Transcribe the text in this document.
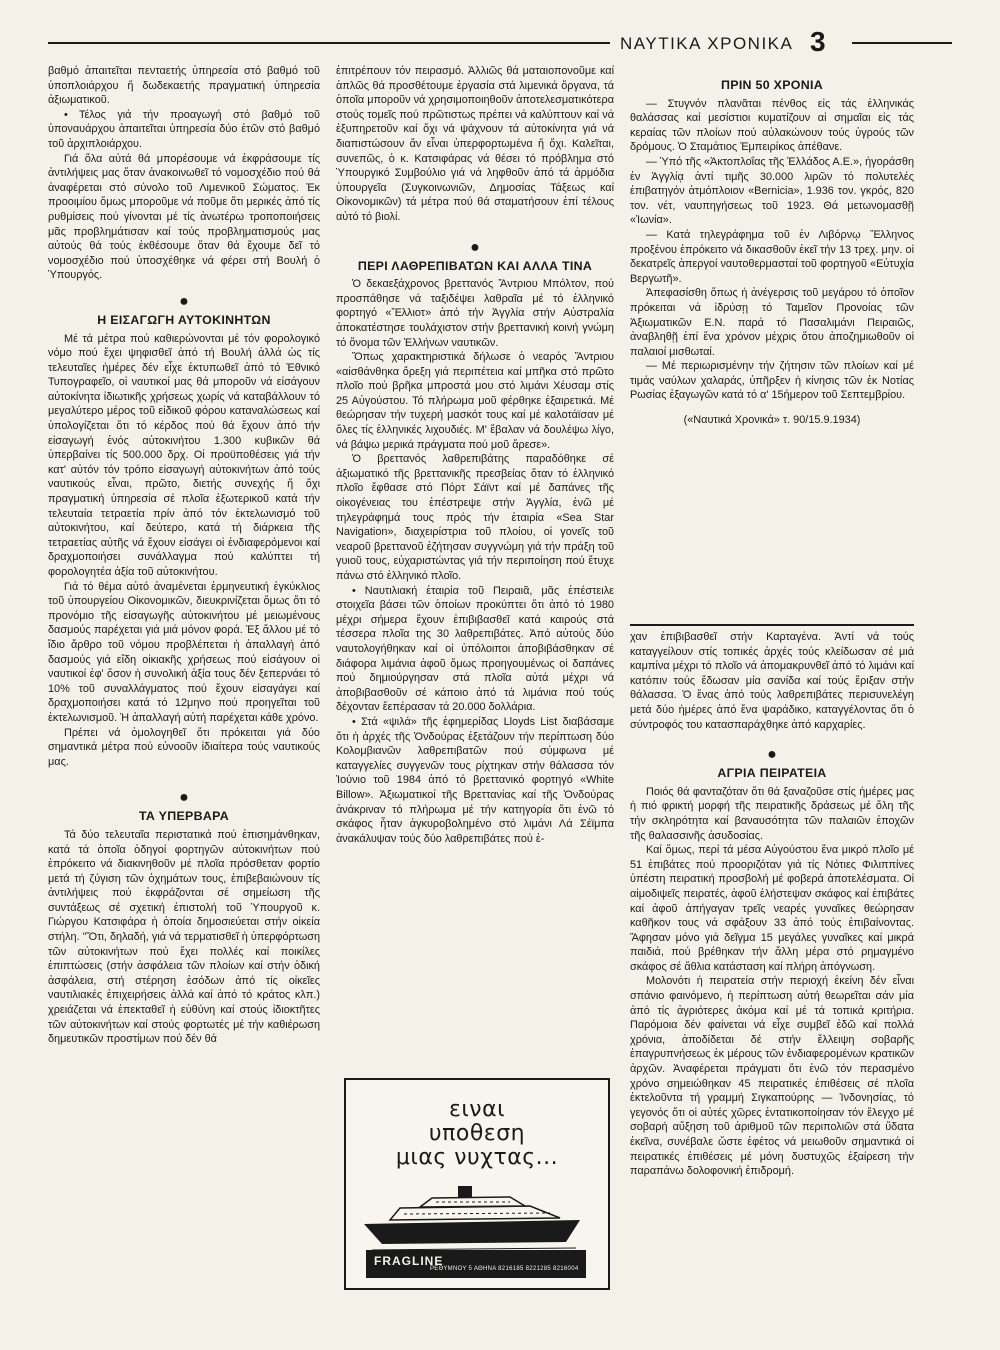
ΝΑΥΤΙΚΑ ΧΡΟΝΙΚΑ 3

βαθμό ἀπαιτεῖται πενταετής ὑπηρεσία στό βαθμό τοῦ ὑποπλοιάρχου ἤ δωδεκαετής πραγματική ὑπηρεσία ἀξιωματικοῦ.

• Τέλος γιά τήν προαγωγή στό βαθμό τοῦ ὑποναυάρχου ἀπαιτεῖται ὑπηρεσία δύο ἐτῶν στό βαθμό τοῦ ἀρχιπλοιάρχου.

Γιά ὅλα αὐτά θά μπορέσουμε νά ἐκφράσουμε τίς ἀντιλήψεις μας ὅταν ἀνακοινωθεῖ τό νομοσχέδιο πού θά ἀναφέρεται στό σύνολο τοῦ Λιμενικοῦ Σώματος. Ἐκ προοιμίου ὅμως μποροῦμε νά ποῦμε ὅτι μερικές ἀπό τίς ρυθμίσεις πού γίνονται μέ τίς ἀνωτέρω τροποποιήσεις μᾶς προβλημάτισαν καί τούς προβληματισμούς μας αὐτούς θά τούς ἐκθέσουμε ὅταν θά ἔχουμε δεῖ τό νομοσχέδιο πού ὑποσχέθηκε νά φέρει στή Βουλή ὁ Ὑπουργός.

●
Η ΕΙΣΑΓΩΓΗ ΑΥΤΟΚΙΝΗΤΩΝ

Μέ τά μέτρα πού καθιερώνονται μέ τόν φορολογικό νόμο πού ἔχει ψηφισθεῖ ἀπό τή Βουλή ἀλλά ὡς τίς τελευταῖες ἡμέρες δέν εἶχε ἐκτυπωθεῖ ἀπό τό Ἐθνικό Τυπογραφεῖο, οἱ ναυτικοί μας θά μποροῦν νά εἰσάγουν αὐτοκίνητα ἰδιωτικῆς χρήσεως χωρίς νά καταβάλλουν τό μεγαλύτερο μέρος τοῦ εἰδικοῦ φόρου καταναλώσεως καί ὑπολογίζεται ὅτι τό κέρδος πού θά ἔχουν ἀπό τήν εἰσαγωγή ἑνός αὐτοκινήτου 1.300 κυβικῶν θά ὑπερβαίνει τίς 500.000 δρχ. Οἱ προϋποθέσεις γιά τήν κατ' αὐτόν τόν τρόπο εἰσαγωγή αὐτοκινήτων ἀπό τούς ναυτικούς εἶναι, πρῶτο, διετής συνεχής ἤ ὄχι πραγματική ὑπηρεσία σέ πλοῖα ἐξωτερικοῦ κατά τήν τελευταία τετραετία πρίν ἀπό τόν ἐκτελωνισμό τοῦ αὐτοκινήτου, καί δεύτερο, κατά τή διάρκεια τῆς τετραετίας αὐτῆς νά ἔχουν εἰσάγει οἱ ἐνδιαφερόμενοι καί δραχμοποιήσει συνάλλαγμα πού καλύπτει τή φορολογητέα ἀξία τοῦ αὐτοκινήτου.

Γιά τό θέμα αὐτό ἀναμένεται ἑρμηνευτική ἐγκύκλιος τοῦ ὑπουργείου Οἰκονομικῶν, διευκρινίζεται ὅμως ὅτι τό προνόμιο τῆς εἰσαγωγῆς αὐτοκινήτου μέ μειωμένους δασμούς παρέχεται γιά μιά μόνον φορά. Ἐξ ἄλλου μέ τό ἴδιο ἄρθρο τοῦ νόμου προβλέπεται ἡ ἀπαλλαγή ἀπό δασμούς γιά εἴδη οἰκιακῆς χρήσεως πού εἰσάγουν οἱ ναυτικοί ἐφ' ὅσον ἡ συνολική ἀξία τους δέν ξεπερνάει τό 10% τοῦ συναλλάγματος πού ἔχουν εἰσαγάγει καί δραχμοποιήσει κατά τό 12μηνο πού προηγεῖται τοῦ ἐκτελωνισμοῦ. Ἡ ἀπαλλαγή αὐτή παρέχεται κάθε χρόνο.

Πρέπει νά ὁμολογηθεῖ ὅτι πρόκειται γιά δύο σημαντικά μέτρα πού εὐνοοῦν ἰδιαίτερα τούς ναυτικούς μας.

●
ΤΑ ΥΠΕΡΒΑΡΑ

Τά δύο τελευταῖα περιστατικά πού ἐπισημάνθηκαν, κατά τά ὁποῖα ὁδηγοί φορτηγῶν αὐτοκινήτων πού ἐπρόκειτο νά διακινηθοῦν μέ πλοῖα πρόσθεταν φορτίο μετά τή ζύγιση τῶν ὀχημάτων τους, ἐπιβεβαιώνουν τίς ἀντιλήψεις πού ἐκφράζονται σέ σημείωση τῆς συντάξεως σέ σχετική ἐπιστολή τοῦ Ὑπουργοῦ κ. Γιώργου Κατσιφάρα ἡ ὁποία δημοσιεύεται στήν οἰκεία στήλη. "Ὅτι, δηλαδή, γιά νά τερματισθεῖ ἡ ὑπερφόρτωση τῶν αὐτοκινήτων πού ἔχει πολλές καί ποικίλες ἐπιπτώσεις (στήν ἀσφάλεια τῶν πλοίων καί στήν ὁδική ἀσφάλεια, στή στέρηση ἐσόδων ἀπό τίς οἰκεῖες ναυτιλιακές ἐπιχειρήσεις ἀλλά καί ἀπό τό κράτος κλπ.) χρειάζεται νά ἐπεκταθεῖ ἡ εὐθύνη καί στούς ἰδιοκτῆτες τῶν αὐτοκινήτων καί στούς φορτωτές μέ τήν καθιέρωση δημευτικῶν προστίμων πού δέν θά

ἐπιτρέπουν τόν πειρασμό. Ἀλλιῶς θά ματαιοπονοῦμε καί ἁπλῶς θά προσθέτουμε ἐργασία στά λιμενικά ὄργανα, τά ὁποῖα μποροῦν νά χρησιμοποιηθοῦν ἀποτελεσματικότερα στούς τομεῖς πού πρῶτιστως πρέπει νά καλύπτουν καί νά ἐξυπηρετοῦν καί ὄχι νά ψάχνουν τά αὐτοκίνητα γιά νά διαπιστώσουν ἄν εἶναι ὑπερφορτωμένα ἤ ὄχι. Καλεῖται, συνεπῶς, ὁ κ. Κατσιφάρας νά θέσει τό πρόβλημα στό Ὑπουργικό Συμβούλιο γιά νά ληφθοῦν ἀπό τά ἁρμόδια ὑπουργεῖα (Συγκοινωνιῶν, Δημοσίας Τάξεως καί Οἰκονομικῶν) τά μέτρα πού θά σταματήσουν ἐπί τέλους αὐτό τό βιολί.

●
ΠΕΡΙ ΛΑΘΡΕΠΙΒΑΤΩΝ ΚΑΙ ΑΛΛΑ ΤΙΝΑ

Ὁ δεκαεξάχρονος βρεττανός Ἄντριου Μπόλτον, πού προσπάθησε νά ταξιδέψει λαθραῖα μέ τό ἑλληνικό φορτηγό «Ἔλλιοτ» ἀπό τήν Ἀγγλία στήν Αὐστραλία ἀποκατέστησε τουλάχιστον στήν βρεττανική κοινή γνώμη τό ὄνομα τῶν Ἑλλήνων ναυτικῶν.

Ὅπως χαρακτηριστικά δήλωσε ὁ νεαρός Ἄντριου «αἰσθάνθηκα ὄρεξη γιά περιπέτεια καί μπῆκα στό πρῶτο πλοῖο πού βρῆκα μπροστά μου στό λιμάνι Χέυσαμ στίς 25 Αὐγούστου. Τό πλήρωμα μοῦ φέρθηκε ἐξαιρετικά. Μέ θεώρησαν τήν τυχερή μασκότ τους καί μέ καλοτάϊσαν μέ ὅλες τίς ἑλληνικές λιχουδιές. Μ' ἔβαλαν νά δουλέψω λίγο, νά βάψω μερικά πράγματα πού μοῦ ἄρεσε».

Ὁ βρεττανός λαθρεπιβάτης παραδόθηκε σέ ἀξιωματικό τῆς βρεττανικῆς πρεσβείας ὅταν τό ἑλληνικό πλοῖο ἔφθασε στό Πόρτ Σάϊντ καί μέ δαπάνες τῆς οἰκογένειας του ἐπέστρεψε στήν Ἀγγλία, ἐνῶ μέ τηλεγράφημά τους πρός τήν ἑταιρία «Sea Star Navigation», διαχειρίστρια τοῦ πλοίου, οἱ γονεῖς τοῦ νεαροῦ βρεττανοῦ ἐζήτησαν συγγνώμη γιά τήν πράξη τοῦ γυιοῦ τους, εὐχαριστώντας γιά τήν περιποίηση πού ἔτυχε πάνω στό ἑλληνικό πλοῖο.

• Ναυτιλιακή ἑταιρία τοῦ Πειραιᾶ, μᾶς ἐπέστειλε στοιχεῖα βάσει τῶν ὁποίων προκύπτει ὅτι ἀπό τό 1980 μέχρι σήμερα ἔχουν ἐπιβιβασθεῖ κατά καιρούς στά τέσσερα πλοῖα της 30 λαθρεπιβάτες. Ἀπό αὐτούς δύο ναυτολογήθηκαν καί οἱ ὑπόλοιποι ἀποβιβάσθηκαν σέ διάφορα λιμάνια ἀφοῦ ὅμως προηγουμένως οἱ δαπάνες πού δημιούργησαν στά πλοῖα αὐτά μέχρι νά ἀποβιβασθοῦν σέ κάποιο ἀπό τά λιμάνια πού τούς δέχονταν ἔεπέρασαν τά 20.000 δολλάρια.

• Στά «ψιλά» τῆς ἐφημερίδας Lloyds List διαβάσαμε ὅτι ἡ ἀρχές τῆς Ὁνδούρας ἐξετάζουν τήν περίπτωση δύο Κολομβιανῶν λαθρεπιβατῶν πού σύμφωνα μέ καταγγελίες συγγενῶν τους ρίχτηκαν στήν θάλασσα τόν Ἰούνιο τοῦ 1984 ἀπό τό βρεττανικό φορτηγό «White Billow». Ἀξιωματικοί τῆς Βρεττανίας καί τῆς Ὁνδούρας ἀνάκριναν τό πλήρωμα μέ τήν κατηγορία ὅτι ἐνῶ τό σκάφος ἦταν ἀγκυροβολημένο στό λιμάνι Λά Σέϊμπα ἀνακάλυψαν τούς δύο λαθρεπιβάτες πού ἐ-

ειναι
υποθεση
μιας νυχτας...
FRAGLINE
ΡΕΘΥΜΝΟΥ 5 ΑΘΗΝΑ 8216185 8221285 8216004
ΠΡΙΝ 50 ΧΡΟΝΙΑ

— Στυγνόν πλανᾶται πένθος εἰς τάς ἑλληνικάς θαλάσσας καί μεσίστιοι κυματίζουν αἱ σημαῖαι εἰς τάς κεραίας τῶν πλοίων πού αὐλακώνουν τούς ὑγρούς τῶν δρόμους. Ὁ Σταμάτιος Ἐμπειρίκος ἀπέθανε.

— Ὑπό τῆς «Ἀκτοπλοΐας τῆς Ἑλλάδος Α.Ε.», ἠγοράσθη ἐν Ἀγγλίᾳ ἀντί τιμῆς 30.000 λιρῶν τό πολυτελές ἐπιβατηγόν ἀτμόπλοιον «Bernicia», 1.936 τον. γκρός, 820 τον. νέτ, ναυπηγήσεως τοῦ 1923. Θά μετωνομασθῇ «Ἰωνία».

— Κατά τηλεγράφημα τοῦ ἐν Λιβόρνῳ Ἕλληνος προξένου ἐπρόκειτο νά δικασθοῦν ἐκεῖ τήν 13 τρεχ. μην. οἱ δεκατρεῖς ἀπεργοί ναυτοθερμασταί τοῦ φορτηγοῦ «Εὐτυχία Βεργωτῆ».

Ἀπεφασίσθη ὅπως ἡ ἀνέγερσις τοῦ μεγάρου τό ὁποῖον πρόκειται νά ἱδρύσῃ τό Ταμεῖον Προνοίας τῶν Ἀξιωματικῶν Ε.Ν. παρά τό Πασαλιμάνι Πειραιῶς, ἀναβληθῇ ἐπί ἕνα χρόνον μέχρις ὅτου ἀποζημιωθοῦν οἱ παλαιοί μισθωταί.

— Μέ περιωρισμένην τήν ζήτησιν τῶν πλοίων καί μέ τιμάς ναύλων χαλαράς, ὑπῆρξεν ἡ κίνησις τῶν ἐκ Νοτίας Ρωσίας ἐξαγωγῶν κατά τό α' 15ήμερον τοῦ Σεπτεμβρίου.

(«Ναυτικά Χρονικά» τ. 90/15.9.1934)

χαν ἐπιβιβασθεῖ στήν Καρταγένα. Ἀντί νά τούς καταγγείλουν στίς τοπικές ἀρχές τούς κλείδωσαν σέ μιά καμπίνα μέχρι τό πλοῖο νά ἀπομακρυνθεῖ ἀπό τό λιμάνι καί κατόπιν τούς ἔδωσαν μία σανίδα καί τούς ἔριξαν στήν θάλασσα. Ὁ ἕνας ἀπό τούς λαθρεπιβάτες περισυνελέγη μετά δύο ἡμέρες ἀπό ἕνα ψαράδικο, καταγγέλοντας ὅτι ὁ σύντροφός του κατασπαράχθηκε ἀπό καρχαρίες.

●
ΑΓΡΙΑ ΠΕΙΡΑΤΕΙΑ

Ποιός θά φανταζόταν ὅτι θά ξαναζοῦσε στίς ἡμέρες μας ἡ πιό φρικτή μορφή τῆς πειρατικῆς δράσεως μέ ὅλη τῆς τήν σκληρότητα καί βαναυσότητα τῶν παλαιῶν ἐποχῶν τῆς θαλασσινῆς ἀσυδοσίας.

Καί ὅμως, περί τά μέσα Αὐγούστου ἕνα μικρό πλοῖο μέ 51 ἐπιβάτες πού προοριζόταν γιά τίς Νότιες Φιλιππίνες ὑπέστη πειρατική προσβολή μέ φοβερά ἀποτελέσματα. Οἱ αἱμοδιψεῖς πειρατές, ἀφοῦ ἐλήστεψαν σκάφος καί ἐπιβάτες καί ἀφοῦ ἀπήγαγαν τρεῖς νεαρές γυναῖκες θεώρησαν καθῆκον τους νά σφάξουν 33 ἀπό τούς ἐπιβαίνοντας. Ἄφησαν μόνο γιά δεῖγμα 15 μεγάλες γυναῖκες καί μικρά παιδιά, πού βρέθηκαν τήν ἄλλη μέρα στό ρημαγμένο σκάφος σέ ἄθλια κατάσταση καί πλήρη ἀπόγνωση.

Μολονότι ἡ πειρατεία στήν περιοχή ἐκείνη δέν εἶναι σπάνιο φαινόμενο, ἡ περίπτωση αὐτή θεωρεῖται σάν μία ἀπό τίς ἀγριότερες ἀκόμα καί μέ τά τοπικά κριτήρια. Παρόμοια δέν φαίνεται νά εἶχε συμβεῖ ἐδῶ καί πολλά χρόνια, ἀποδίδεται δέ στήν ἔλλειψη σοβαρῆς ἐπαγρυπνήσεως ἐκ μέρους τῶν ἐνδιαφερομένων κρατικῶν ἀρχῶν. Ἀναφέρεται πράγματι ὅτι ἐνῶ τόν περασμένο χρόνο σημειώθηκαν 45 πειρατικές ἐπιθέσεις σέ πλοῖα ἐκτελοῦντα τή γραμμή Σιγκαπούρης — Ἰνδονησίας, τό γεγονός ὅτι οἱ αὐτές χῶρες ἐντατικοποίησαν τόν ἔλεγχο μέ σοβαρή αὔξηση τοῦ ἀριθμοῦ τῶν περιπολιῶν στά ὕδατα ἐκεῖνα, συνέβαλε ὥστε ἐφέτος νά μειωθοῦν σημαντικά οἱ πειρατικές ἐπιθέσεις μέ μόνη δυστυχῶς ἐξαίρεση τήν παραπάνω δολοφονική ἐπιδρομή.
